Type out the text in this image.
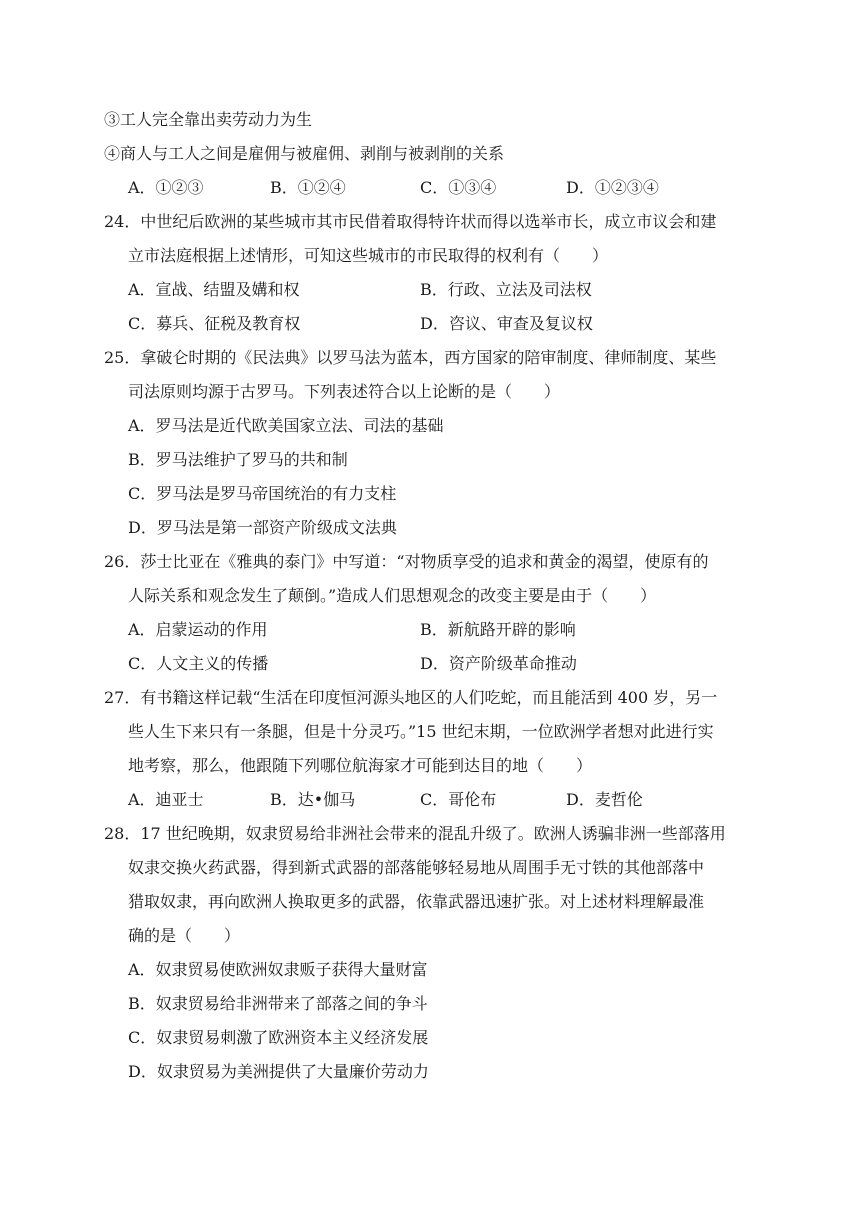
③工人完全靠出卖劳动力为生
④商人与工人之间是雇佣与被雇佣、剥削与被剥削的关系
A．①②③	B．①②④	C．①③④	D．①②③④
24．中世纪后欧洲的某些城市其市民借着取得特许状而得以选举市长，成立市议会和建
立市法庭根据上述情形，可知这些城市的市民取得的权利有（　　）
A．宣战、结盟及媾和权	B．行政、立法及司法权
C．募兵、征税及教育权	D．咨议、审查及复议权
25．拿破仑时期的《民法典》以罗马法为蓝本，西方国家的陪审制度、律师制度、某些
司法原则均源于古罗马。下列表述符合以上论断的是（　　）
A．罗马法是近代欧美国家立法、司法的基础
B．罗马法维护了罗马的共和制
C．罗马法是罗马帝国统治的有力支柱
D．罗马法是第一部资产阶级成文法典
26．莎士比亚在《雅典的泰门》中写道：“对物质享受的追求和黄金的渴望，使原有的
人际关系和观念发生了颠倒。”造成人们思想观念的改变主要是由于（　　）
A．启蒙运动的作用	B．新航路开辟的影响
C．人文主义的传播	D．资产阶级革命推动
27．有书籍这样记载“生活在印度恒河源头地区的人们吃蛇，而且能活到 400 岁，另一
些人生下来只有一条腿，但是十分灵巧。”15 世纪末期，一位欧洲学者想对此进行实
地考察，那么，他跟随下列哪位航海家才可能到达目的地（　　）
A．迪亚士	B．达•伽马	C．哥伦布	D．麦哲伦
28．17 世纪晚期，奴隶贸易给非洲社会带来的混乱升级了。欧洲人诱骗非洲一些部落用
奴隶交换火药武器，得到新式武器的部落能够轻易地从周围手无寸铁的其他部落中
猎取奴隶，再向欧洲人换取更多的武器，依靠武器迅速扩张。对上述材料理解最准
确的是（　　）
A．奴隶贸易使欧洲奴隶贩子获得大量财富
B．奴隶贸易给非洲带来了部落之间的争斗
C．奴隶贸易刺激了欧洲资本主义经济发展
D．奴隶贸易为美洲提供了大量廉价劳动力
